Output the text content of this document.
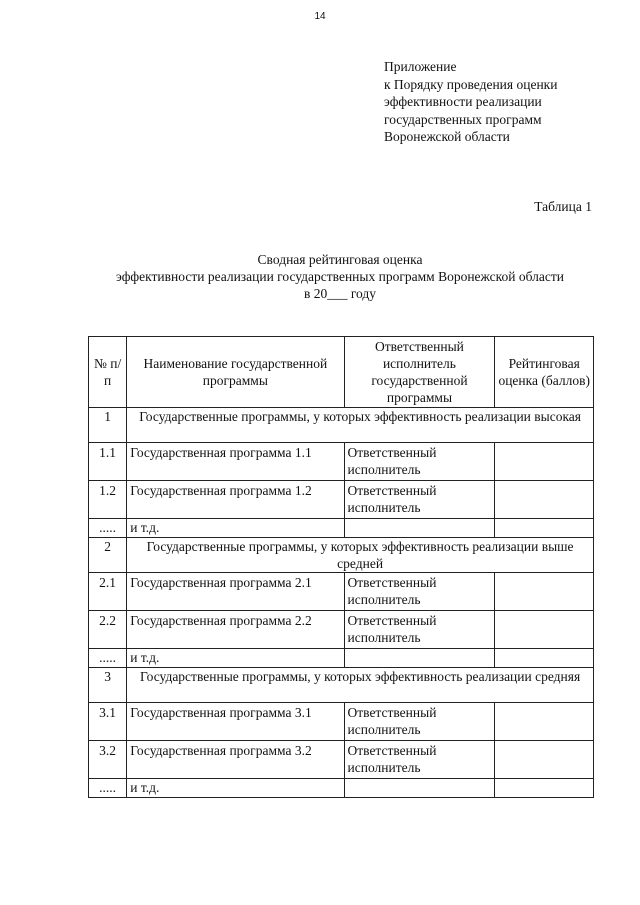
14
Приложение
к Порядку проведения оценки
эффективности реализации
государственных программ
Воронежской области
Таблица 1
Сводная рейтинговая оценка
эффективности реализации государственных программ Воронежской области
в 20___ году
№ п/п	Наименование государственной программы	Ответственный исполнитель государственной программы	Рейтинговая оценка (баллов)
1	Государственные программы, у которых эффективность реализации высокая		
1.1	Государственная программа 1.1	Ответственный исполнитель	
1.2	Государственная программа 1.2	Ответственный исполнитель	
.....	и т.д.		
2	Государственные программы, у которых эффективность реализации выше средней		
2.1	Государственная программа 2.1	Ответственный исполнитель	
2.2	Государственная программа 2.2	Ответственный исполнитель	
.....	и т.д.		
3	Государственные программы, у которых эффективность реализации средняя		
3.1	Государственная программа 3.1	Ответственный исполнитель	
3.2	Государственная программа 3.2	Ответственный исполнитель	
.....	и т.д.		
